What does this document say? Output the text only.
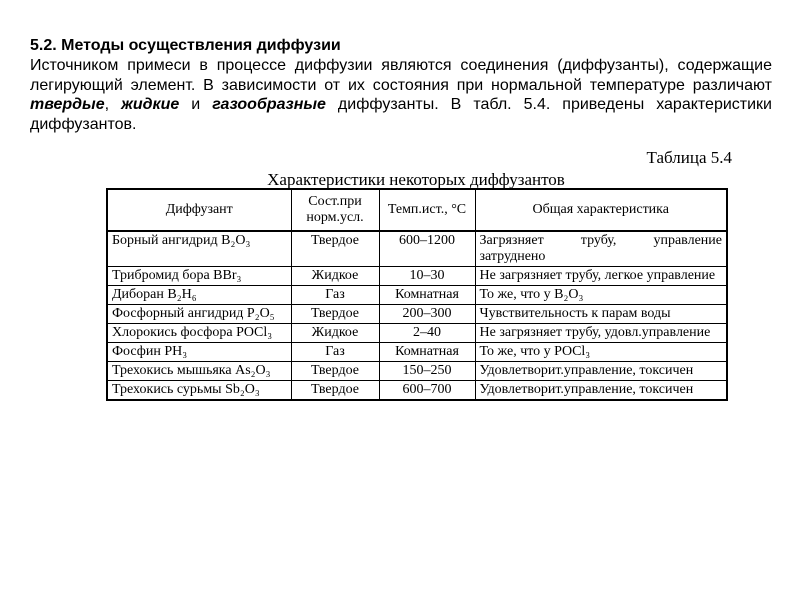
5.2. Методы осуществления диффузии
Источником примеси в процессе диффузии являются соединения (диффузанты), содержащие легирующий элемент. В зависимости от их состояния при нормальной температуре различают твердые, жидкие и газообразные диффузанты. В табл. 5.4. приведены характеристики диффузантов.
Таблица 5.4
Характеристики некоторых диффузантов
Диффузант	Сост.при норм.усл.	Темп.ист., °С	Общая характеристика
Борный ангидрид B₂O₃	Твердое	600–1200	Загрязняет трубу, управление затруднено
Трибромид бора BBr₃	Жидкое	10–30	Не загрязняет трубу, легкое управление
Диборан B₂H₆	Газ	Комнатная	То же, что у B₂O₃
Фосфорный ангидрид P₂O₅	Твердое	200–300	Чувствительность к парам воды
Хлорокись фосфора POCl₃	Жидкое	2–40	Не загрязняет трубу, удовл.управление
Фосфин PH₃	Газ	Комнатная	То же, что у POCl₃
Трехокись мышьяка As₂O₃	Твердое	150–250	Удовлетворит.управление, токсичен
Трехокись сурьмы Sb₂O₃	Твердое	600–700	Удовлетворит.управление, токсичен
